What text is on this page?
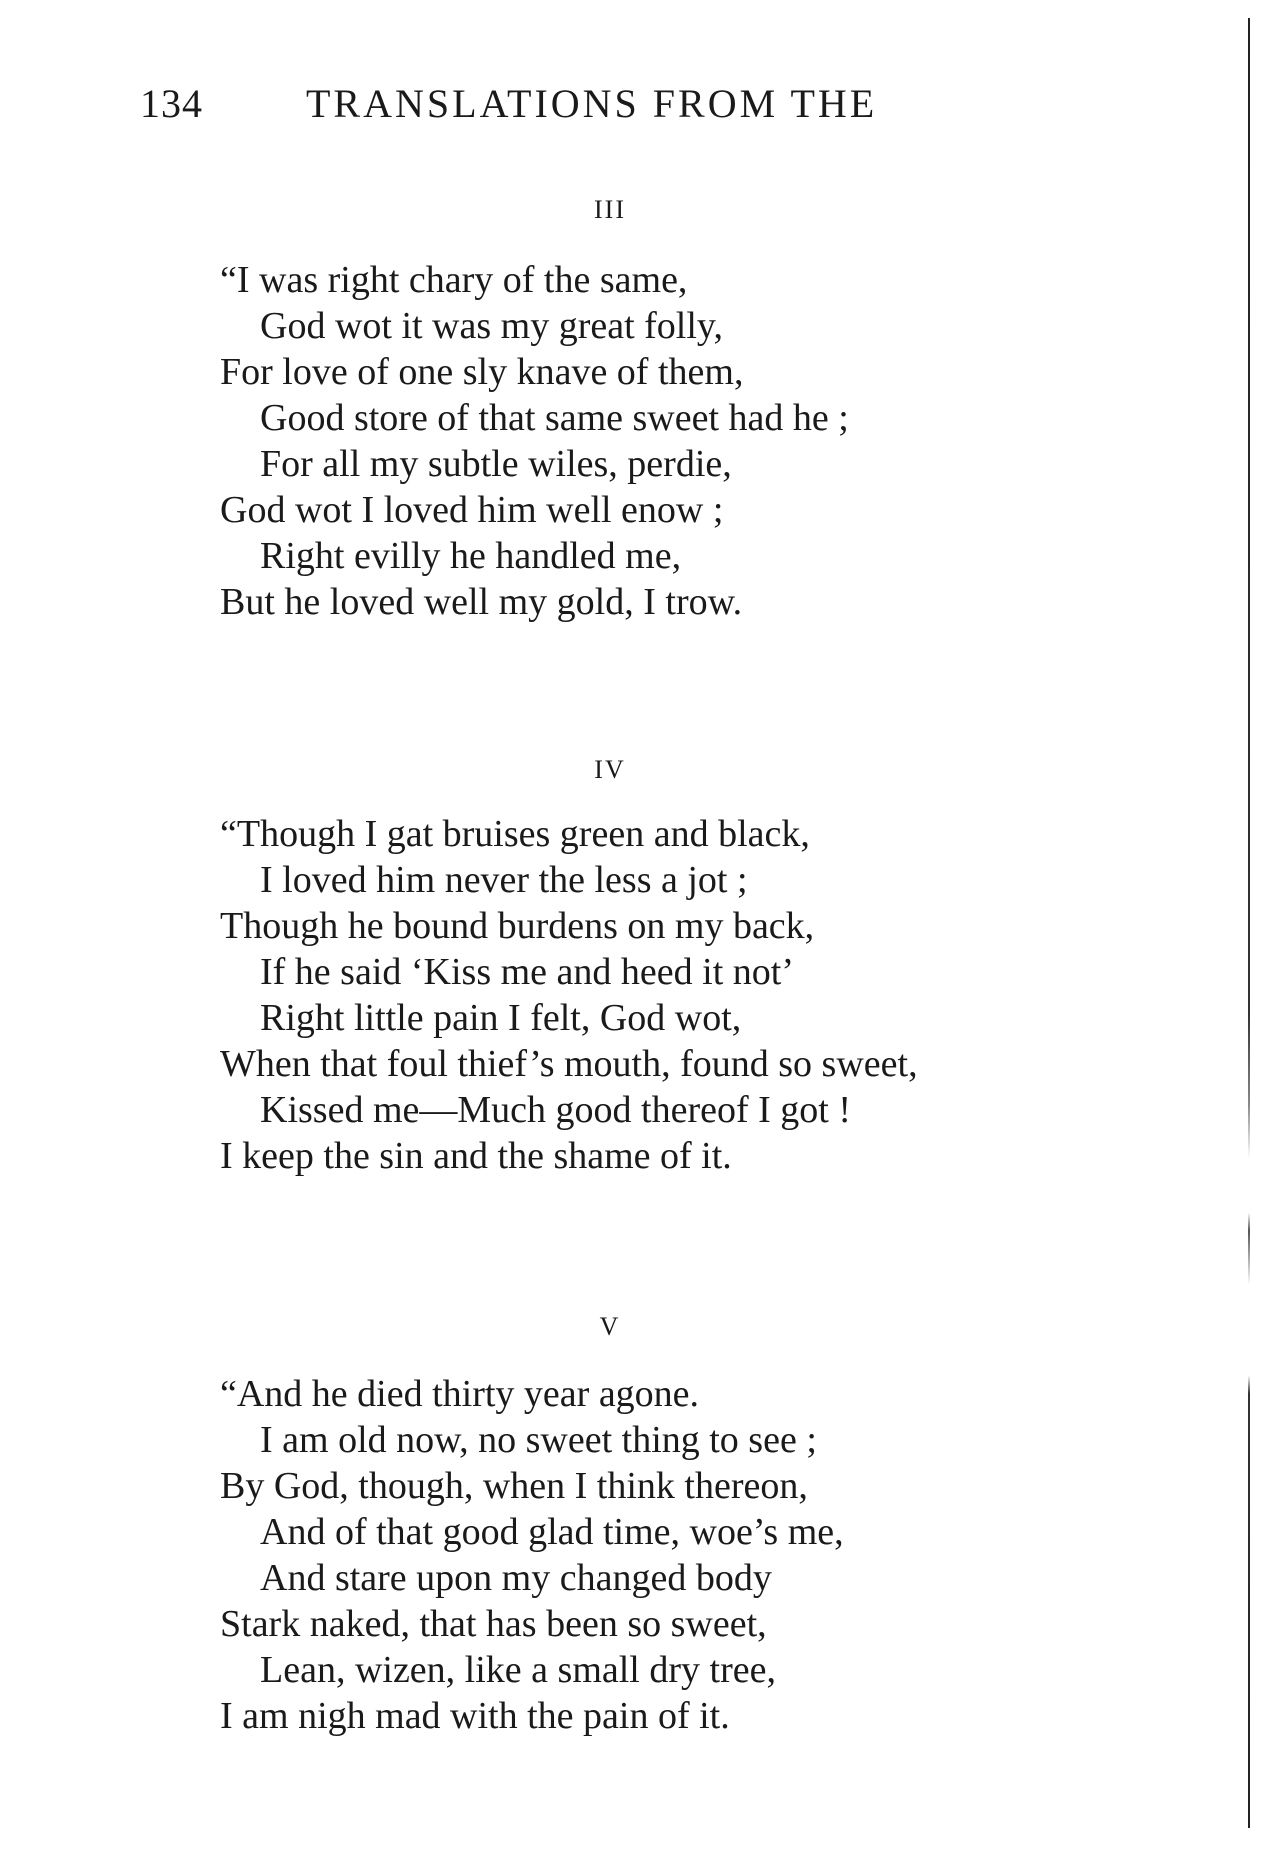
134	TRANSLATIONS FROM THE
III
“I was right chary of the same,
God wot it was my great folly,
For love of one sly knave of them,
Good store of that same sweet had he ;
For all my subtle wiles, perdie,
God wot I loved him well enow ;
Right evilly he handled me,
But he loved well my gold, I trow.
IV
“Though I gat bruises green and black,
I loved him never the less a jot ;
Though he bound burdens on my back,
If he said ‘Kiss me and heed it not’
Right little pain I felt, God wot,
When that foul thief’s mouth, found so sweet,
Kissed me—Much good thereof I got !
I keep the sin and the shame of it.
V
“And he died thirty year agone.
I am old now, no sweet thing to see ;
By God, though, when I think thereon,
And of that good glad time, woe’s me,
And stare upon my changed body
Stark naked, that has been so sweet,
Lean, wizen, like a small dry tree,
I am nigh mad with the pain of it.
